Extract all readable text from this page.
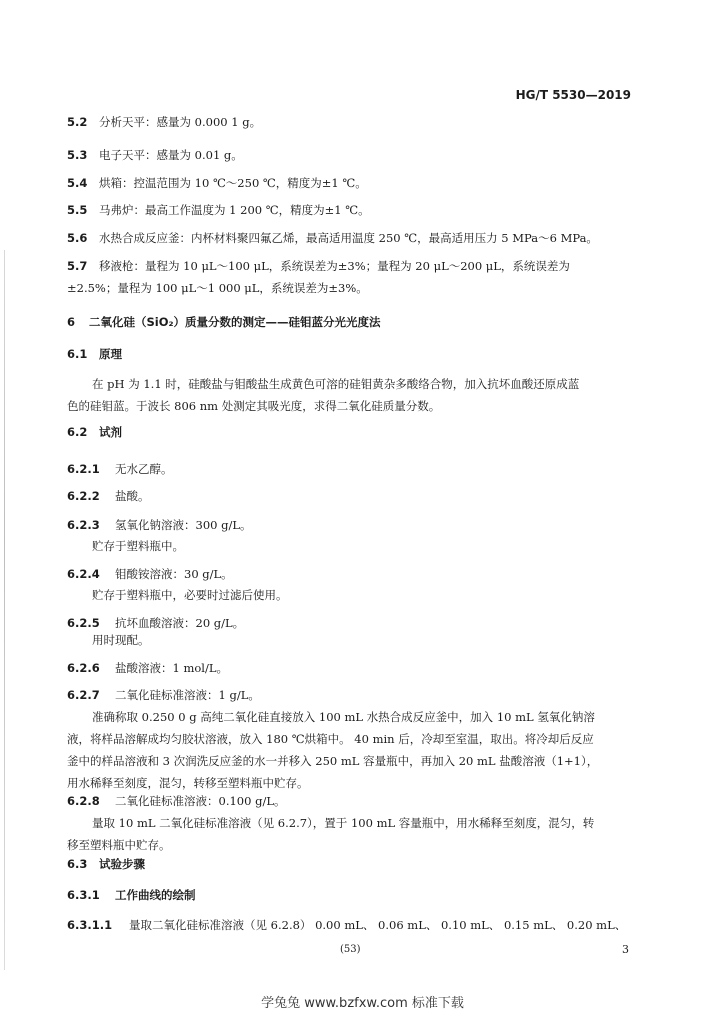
HG/T 5530—2019
5.2 分析天平：感量为 0.000 1 g。
5.3 电子天平：感量为 0.01 g。
5.4 烘箱：控温范围为 10 ℃～250 ℃，精度为±1 ℃。
5.5 马弗炉：最高工作温度为 1 200 ℃，精度为±1 ℃。
5.6 水热合成反应釜：内杯材料聚四氟乙烯，最高适用温度 250 ℃，最高适用压力 5 MPa～6 MPa。
5.7 移液枪：量程为 10 μL～100 μL，系统误差为±3%；量程为 20 μL～200 μL，系统误差为
±2.5%；量程为 100 μL～1 000 μL，系统误差为±3%。
6 二氧化硅（SiO₂）质量分数的测定——硅钼蓝分光光度法
6.1 原理

在 pH 为 1.1 时，硅酸盐与钼酸盐生成黄色可溶的硅钼黄杂多酸络合物，加入抗坏血酸还原成蓝

色的硅钼蓝。于波长 806 nm 处测定其吸光度，求得二氧化硅质量分数。

6.2 试剂
6.2.1 无水乙醇。
6.2.2 盐酸。
6.2.3 氢氧化钠溶液：300 g/L。
贮存于塑料瓶中。
6.2.4 钼酸铵溶液：30 g/L。
贮存于塑料瓶中，必要时过滤后使用。
6.2.5 抗坏血酸溶液：20 g/L。
用时现配。
6.2.6 盐酸溶液：1 mol/L。
6.2.7 二氧化硅标准溶液：1 g/L。

准确称取 0.250 0 g 高纯二氧化硅直接放入 100 mL 水热合成反应釜中，加入 10 mL 氢氧化钠溶

液，将样品溶解成均匀胶状溶液，放入 180 ℃烘箱中。 40 min 后，冷却至室温，取出。将冷却后反应

釜中的样品溶液和 3 次润洗反应釜的水一并移入 250 mL 容量瓶中，再加入 20 mL 盐酸溶液（1+1），

用水稀释至刻度，混匀，转移至塑料瓶中贮存。

6.2.8 二氧化硅标准溶液：0.100 g/L。

量取 10 mL 二氧化硅标准溶液（见 6.2.7），置于 100 mL 容量瓶中，用水稀释至刻度，混匀，转

移至塑料瓶中贮存。

6.3 试验步骤
6.3.1 工作曲线的绘制
6.3.1.1 量取二氧化硅标准溶液（见 6.2.8） 0.00 mL、 0.06 mL、 0.10 mL、 0.15 mL、 0.20 mL、
(53)	3
学兔兔 www.bzfxw.com 标准下载
